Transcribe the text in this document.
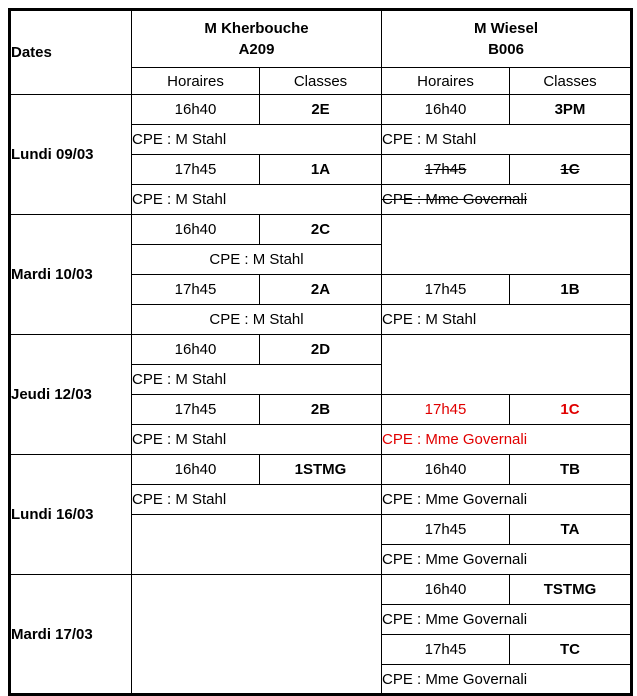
Dates	
M Kherbouche
A209

M Wiesel
B006

	Horaires	Classes	Horaires	Classes
Lundi 09/03	16h40	2E	16h40	3PM
	CPE : M Stahl		CPE : M Stahl	
	17h45	1A	17h45	1C
	CPE : M Stahl		CPE : Mme Governali	
Mardi 10/03	16h40	2C		
	CPE : M Stahl			
	17h45	2A	17h45	1B
	CPE : M Stahl		CPE : M Stahl	
Jeudi 12/03	16h40	2D		
	CPE : M Stahl			
	17h45	2B	17h45	1C
	CPE : M Stahl		CPE : Mme Governali	
Lundi 16/03	16h40	1STMG	16h40	TB
	CPE : M Stahl		CPE : Mme Governali	
			17h45	TA
			CPE : Mme Governali	
Mardi 17/03			16h40	TSTMG
			CPE : Mme Governali	
			17h45	TC
			CPE : Mme Governali	
